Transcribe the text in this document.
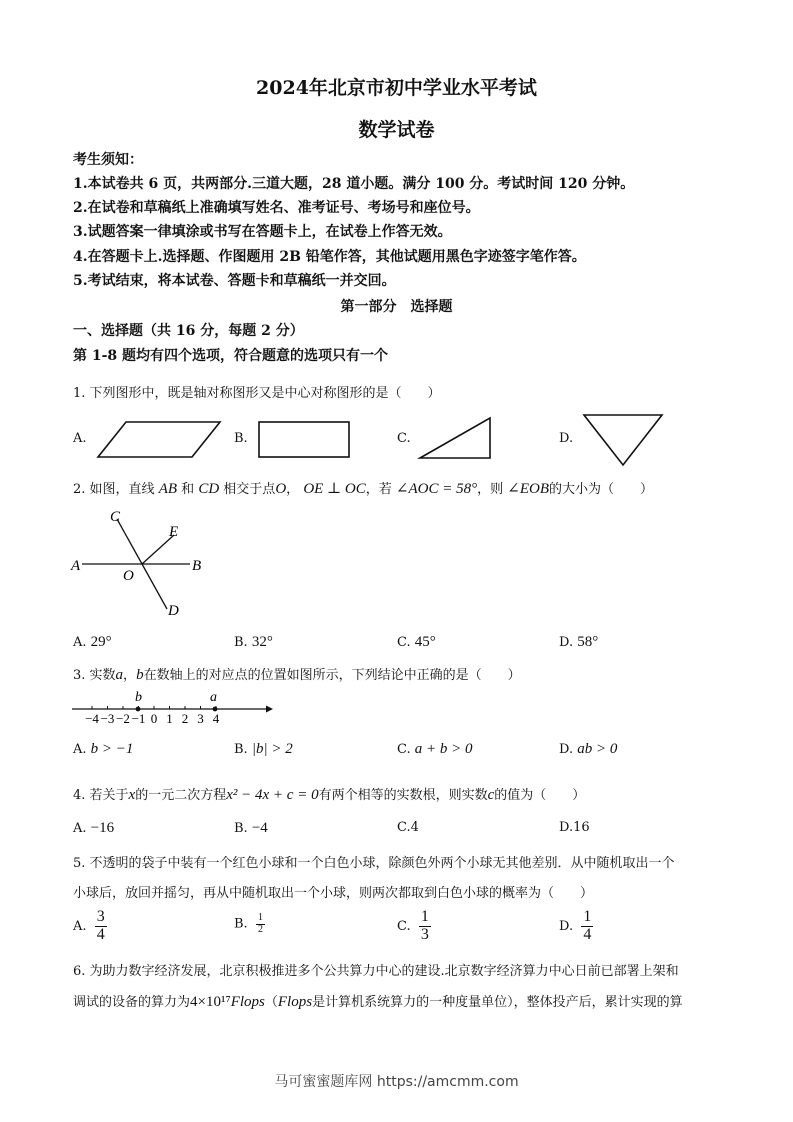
2024年北京市初中学业水平考试
数学试卷
考生须知：
1.本试卷共 6 页，共两部分.三道大题，28 道小题。满分 100 分。考试时间 120 分钟。
2.在试卷和草稿纸上准确填写姓名、准考证号、考场号和座位号。
3.试题答案一律填涂或书写在答题卡上，在试卷上作答无效。
4.在答题卡上.选择题、作图题用 2B 铅笔作答，其他试题用黑色字迹签字笔作答。
5.考试结束，将本试卷、答题卡和草稿纸一并交回。
第一部分　选择题
一、选择题（共 16 分，每题 2 分）
第 1-8 题均有四个选项，符合题意的选项只有一个
1. 下列图形中，既是轴对称图形又是中心对称图形的是（　　）
A.	B.	C.	D.
2. 如图，直线 AB 和 CD 相交于点O， OE ⊥ OC，若 ∠AOC = 58°，则 ∠EOB的大小为（　　）
C
E
A
O
B
D
A. 29°	B. 32°	C. 45°	D. 58°
3. 实数a，b在数轴上的对应点的位置如图所示，下列结论中正确的是（　　）
−4 −3 −2 −1 0 1 2 3 4
b	a
A. b > −1	B. |b| > 2	C. a + b > 0	D. ab > 0
4. 若关于x的一元二次方程x² − 4x + c = 0有两个相等的实数根，则实数c的值为（　　）
A. −16	B. −4	C.4	D.16
5. 不透明的袋子中装有一个红色小球和一个白色小球，除颜色外两个小球无其他差别．从中随机取出一个
小球后，放回并摇匀，再从中随机取出一个小球，则两次都取到白色小球的概率为（　　）
A. $\frac{3}{4}$	B. $\frac{1}{2}$	C. $\frac{1}{3}$	D. $\frac{1}{4}$
6. 为助力数字经济发展，北京积极推进多个公共算力中心的建设.北京数字经济算力中心日前已部署上架和
调试的设备的算力为4×10¹⁷Flops（Flops是计算机系统算力的一种度量单位），整体投产后，累计实现的算
马可蜜蜜题库网 https://amcmm.com
